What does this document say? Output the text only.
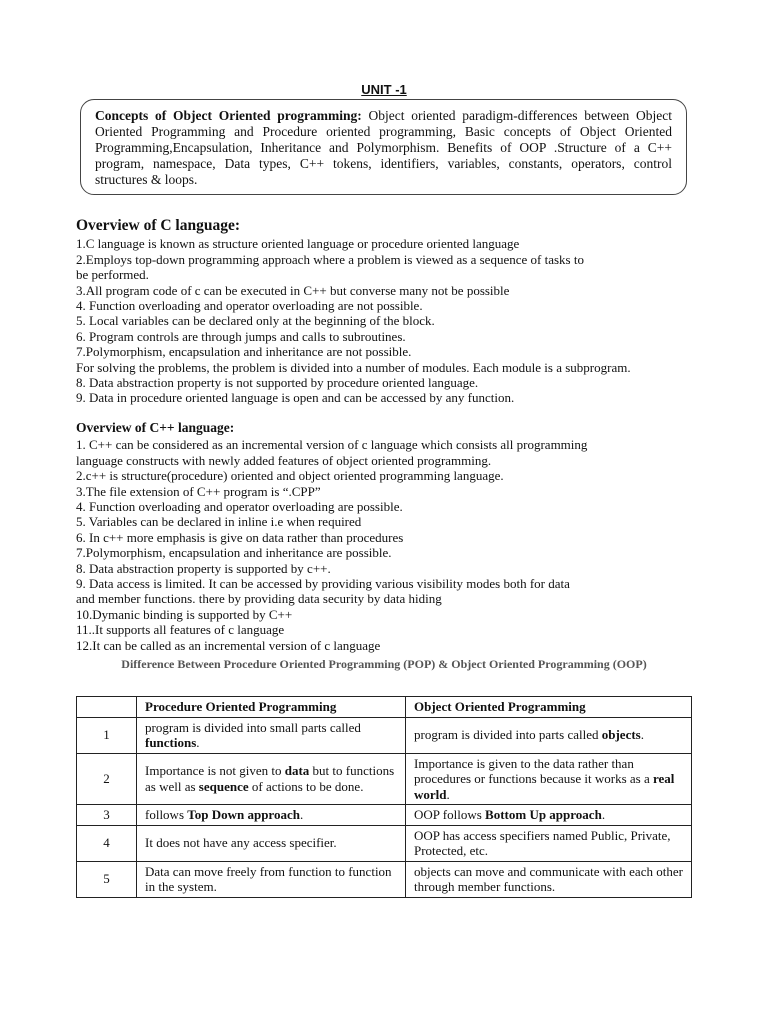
UNIT -1
Concepts of Object Oriented programming: Object oriented paradigm-differences between Object Oriented Programming and Procedure oriented programming, Basic concepts of Object Oriented Programming,Encapsulation, Inheritance and Polymorphism. Benefits of OOP .Structure of a C++ program, namespace, Data types, C++ tokens, identifiers, variables, constants, operators, control structures & loops.
Overview of C language:
1.C language is known as structure oriented language or procedure oriented language
2.Employs top-down programming approach where a problem is viewed as a sequence of tasks to
be performed.
3.All program code of c can be executed in C++ but converse many not be possible
4. Function overloading and operator overloading are not possible.
5. Local variables can be declared only at the beginning of the block.
6. Program controls are through jumps and calls to subroutines.
7.Polymorphism, encapsulation and inheritance are not possible.
For solving the problems, the problem is divided into a number of modules. Each module is a subprogram.
8. Data abstraction property is not supported by procedure oriented language.
9. Data in procedure oriented language is open and can be accessed by any function.
Overview of C++ language:
1. C++ can be considered as an incremental version of c language which consists all programming
language constructs with newly added features of object oriented programming.
2.c++ is structure(procedure) oriented and object oriented programming language.
3.The file extension of C++ program is “.CPP”
4. Function overloading and operator overloading are possible.
5. Variables can be declared in inline i.e when required
6. In c++ more emphasis is give on data rather than procedures
7.Polymorphism, encapsulation and inheritance are possible.
8. Data abstraction property is supported by c++.
9. Data access is limited. It can be accessed by providing various visibility modes both for data
and member functions. there by providing data security by data hiding
10.Dymanic binding is supported by C++
11..It supports all features of c language
12.It can be called as an incremental version of c language
Difference Between Procedure Oriented Programming (POP) & Object Oriented Programming (OOP)
	Procedure Oriented Programming	Object Oriented Programming
1	program is divided into small parts called functions.	program is divided into parts called objects.
2	Importance is not given to data but to functions as well as sequence of actions to be done.	Importance is given to the data rather than procedures or functions because it works as a real world.
3	follows Top Down approach.	OOP follows Bottom Up approach.
4	It does not have any access specifier.	OOP has access specifiers named Public, Private, Protected, etc.
5	Data can move freely from function to function in the system.	objects can move and communicate with each other through member functions.
